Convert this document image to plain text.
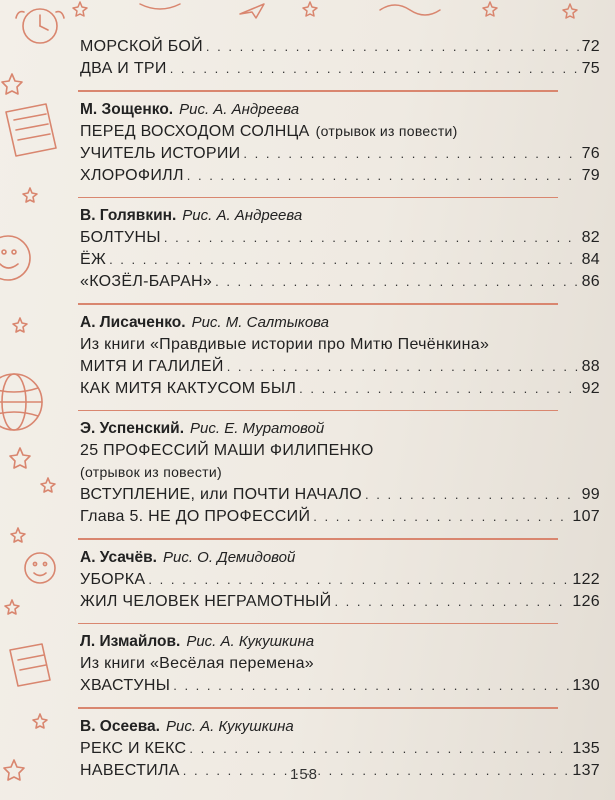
МОРСКОЙ БОЙ . . .	72
ДВА И ТРИ . . .	75
М. Зощенко. Рис. А. Андреева
ПЕРЕД ВОСХОДОМ СОЛНЦА (отрывок из повести)
УЧИТЕЛЬ ИСТОРИИ . . .	76
ХЛОРОФИЛЛ . . .	79
В. Голявкин. Рис. А. Андреева
БОЛТУНЫ . . .	82
ЁЖ . . .	84
«КОЗЁЛ-БАРАН» . . .	86
А. Лисаченко. Рис. М. Салтыкова
Из книги «Правдивые истории про Митю Печёнкина»
МИТЯ И ГАЛИЛЕЙ . . .	88
КАК МИТЯ КАКТУСОМ БЫЛ . . .	92
Э. Успенский. Рис. Е. Муратовой
25 ПРОФЕССИЙ МАШИ ФИЛИПЕНКО
(отрывок из повести)
ВСТУПЛЕНИЕ, или ПОЧТИ НАЧАЛО . . .	99
Глава 5. НЕ ДО ПРОФЕССИЙ . . .	107
А. Усачёв. Рис. О. Демидовой
УБОРКА . . .	122
ЖИЛ ЧЕЛОВЕК НЕГРАМОТНЫЙ . . .	126
Л. Измайлов. Рис. А. Кукушкина
Из книги «Весёлая перемена»
ХВАСТУНЫ . . .	130
В. Осеева. Рис. А. Кукушкина
РЕКС И КЕКС . . .	135
НАВЕСТИЛА . . .	137
158
